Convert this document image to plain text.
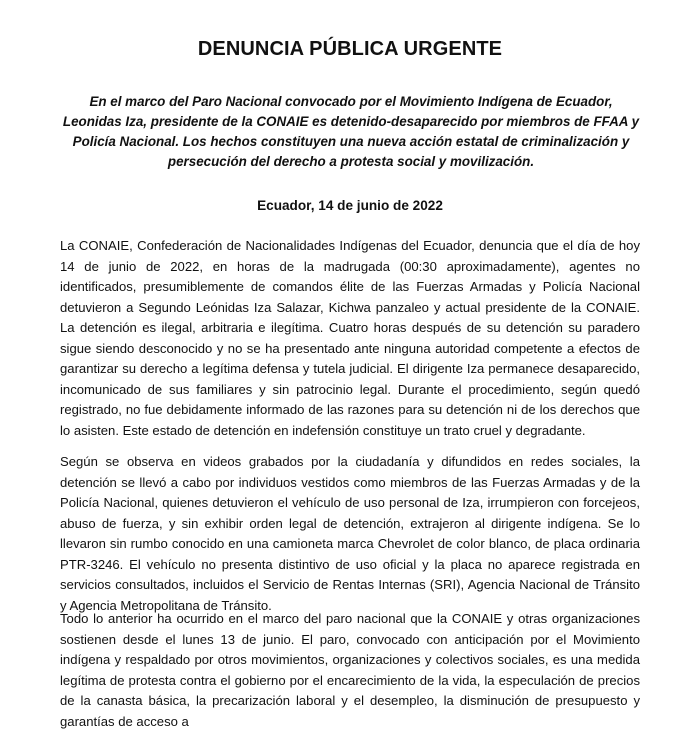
DENUNCIA PÚBLICA URGENTE
En el marco del Paro Nacional convocado por el Movimiento Indígena de Ecuador, Leonidas Iza, presidente de la CONAIE es detenido-desaparecido por miembros de FFAA y Policía Nacional. Los hechos constituyen una nueva acción estatal de criminalización y persecución del derecho a protesta social y movilización.
Ecuador, 14 de junio de 2022

La CONAIE, Confederación de Nacionalidades Indígenas del Ecuador, denuncia que el día de hoy 14 de junio de 2022, en horas de la madrugada (00:30 aproximadamente), agentes no identificados, presumiblemente de comandos élite de las Fuerzas Armadas y Policía Nacional detuvieron a Segundo Leónidas Iza Salazar, Kichwa panzaleo y actual presidente de la CONAIE. La detención es ilegal, arbitraria e ilegítima. Cuatro horas después de su detención su paradero sigue siendo desconocido y no se ha presentado ante ninguna autoridad competente a efectos de garantizar su derecho a legítima defensa y tutela judicial. El dirigente Iza permanece desaparecido, incomunicado de sus familiares y sin patrocinio legal. Durante el procedimiento, según quedó registrado, no fue debidamente informado de las razones para su detención ni de los derechos que lo asisten. Este estado de detención en indefensión constituye un trato cruel y degradante.

Según se observa en videos grabados por la ciudadanía y difundidos en redes sociales, la detención se llevó a cabo por individuos vestidos como miembros de las Fuerzas Armadas y de la Policía Nacional, quienes detuvieron el vehículo de uso personal de Iza, irrumpieron con forcejeos, abuso de fuerza, y sin exhibir orden legal de detención, extrajeron al dirigente indígena. Se lo llevaron sin rumbo conocido en una camioneta marca Chevrolet de color blanco, de placa ordinaria PTR-3246. El vehículo no presenta distintivo de uso oficial y la placa no aparece registrada en servicios consultados, incluidos el Servicio de Rentas Internas (SRI), Agencia Nacional de Tránsito y Agencia Metropolitana de Tránsito.

Todo lo anterior ha ocurrido en el marco del paro nacional que la CONAIE y otras organizaciones sostienen desde el lunes 13 de junio. El paro, convocado con anticipación por el Movimiento indígena y respaldado por otros movimientos, organizaciones y colectivos sociales, es una medida legítima de protesta contra el gobierno por el encarecimiento de la vida, la especulación de precios de la canasta básica, la precarización laboral y el desempleo, la disminución de presupuesto y garantías de acceso a
